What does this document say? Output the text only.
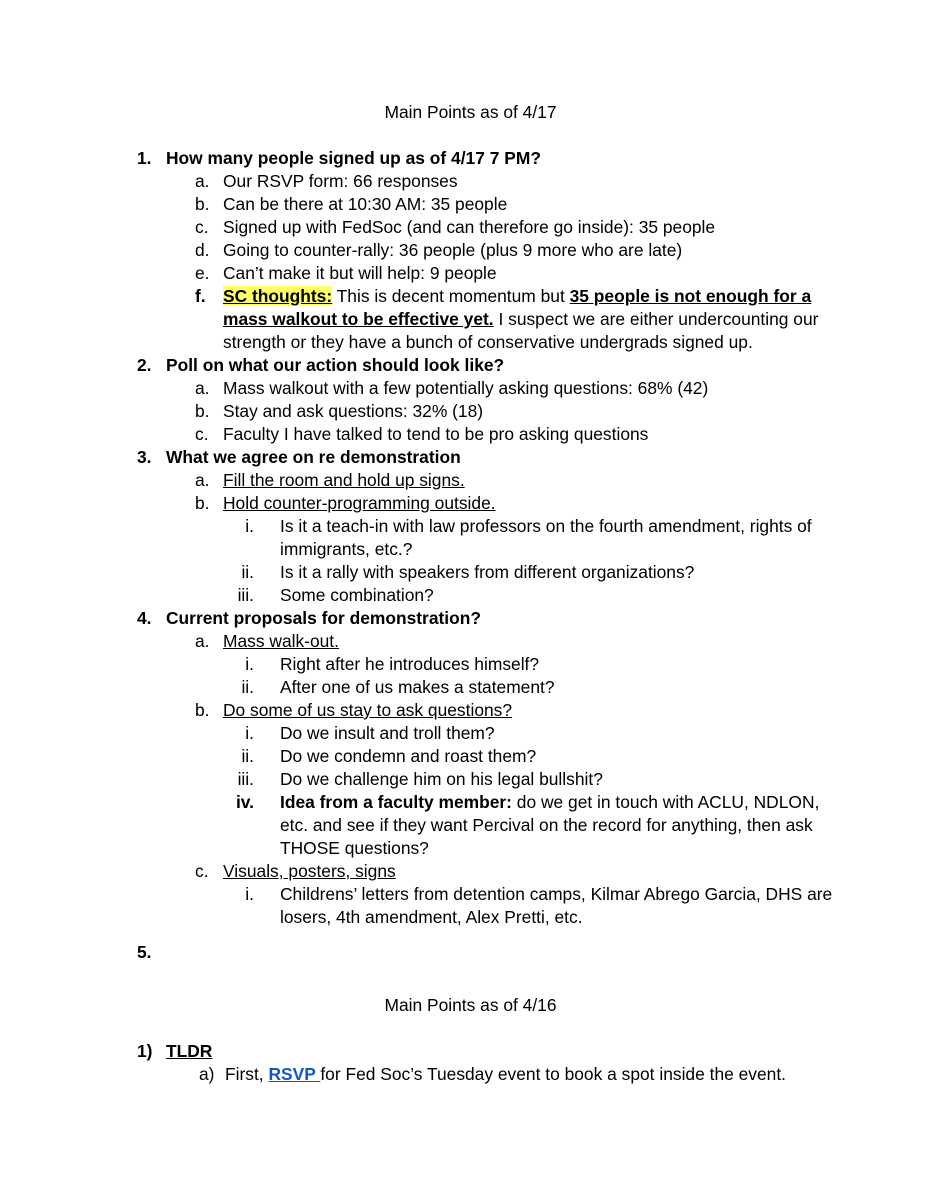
Main Points as of 4/17
1. How many people signed up as of 4/17 7 PM?
a. Our RSVP form: 66 responses
b. Can be there at 10:30 AM: 35 people
c. Signed up with FedSoc (and can therefore go inside): 35 people
d. Going to counter-rally: 36 people (plus 9 more who are late)
e. Can’t make it but will help: 9 people
f. SC thoughts: This is decent momentum but 35 people is not enough for a
mass walkout to be effective yet. I suspect we are either undercounting our
strength or they have a bunch of conservative undergrads signed up.
2. Poll on what our action should look like?
a. Mass walkout with a few potentially asking questions: 68% (42)
b. Stay and ask questions: 32% (18)
c. Faculty I have talked to tend to be pro asking questions
3. What we agree on re demonstration
a. Fill the room and hold up signs.
b. Hold counter-programming outside.
i. Is it a teach-in with law professors on the fourth amendment, rights of
immigrants, etc.?
ii. Is it a rally with speakers from different organizations?
iii. Some combination?
4. Current proposals for demonstration?
a. Mass walk-out.
i. Right after he introduces himself?
ii. After one of us makes a statement?
b. Do some of us stay to ask questions?
i. Do we insult and troll them?
ii. Do we condemn and roast them?
iii. Do we challenge him on his legal bullshit?
iv. Idea from a faculty member: do we get in touch with ACLU, NDLON,
etc. and see if they want Percival on the record for anything, then ask
THOSE questions?
c. Visuals, posters, signs
i. Childrens’ letters from detention camps, Kilmar Abrego Garcia, DHS are
losers, 4th amendment, Alex Pretti, etc.
5.
Main Points as of 4/16
1) TLDR
a) First, RSVP for Fed Soc’s Tuesday event to book a spot inside the event.
